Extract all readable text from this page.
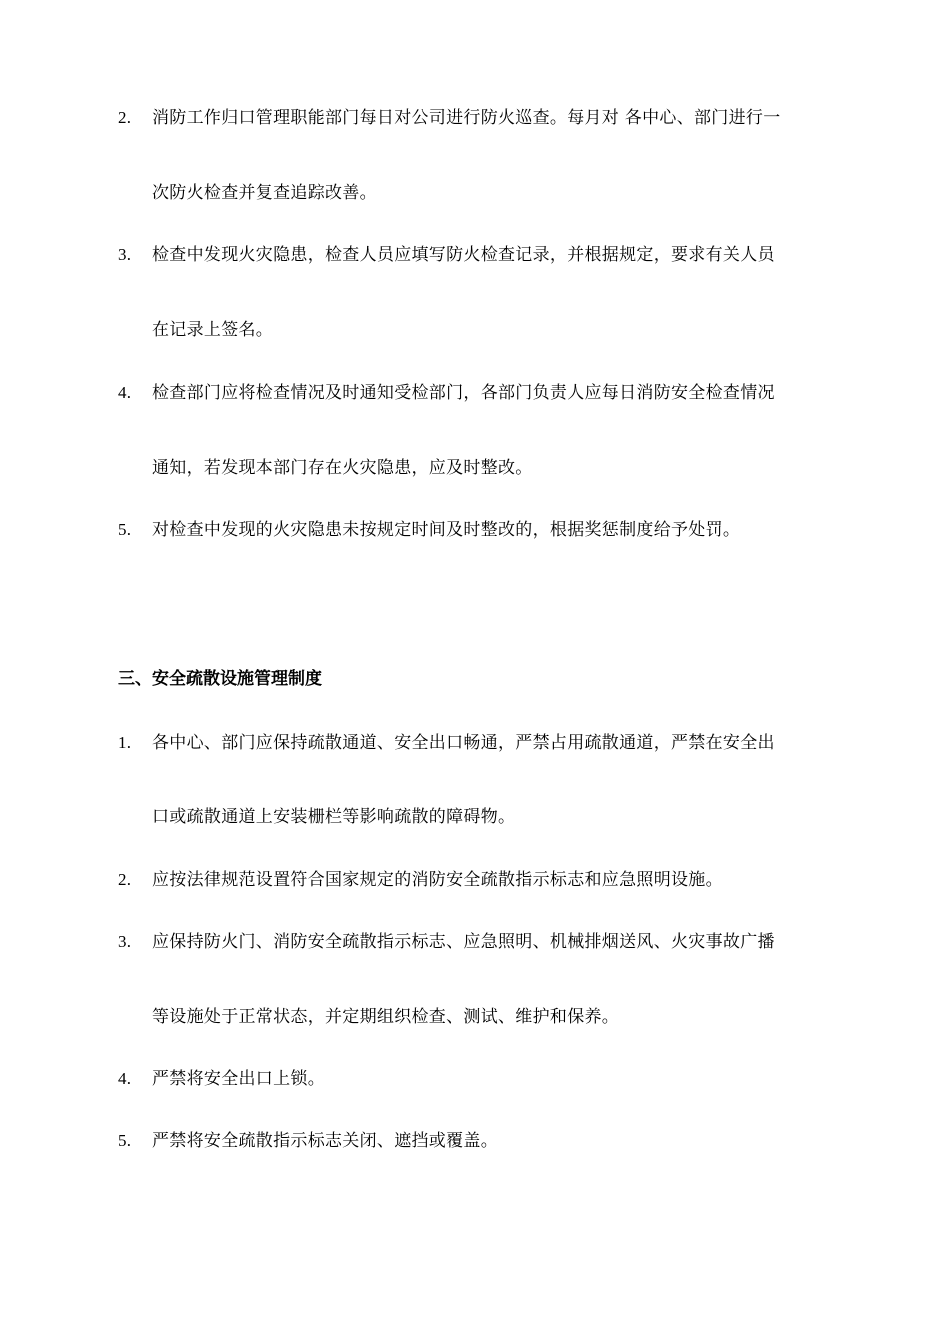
2. 消防工作归口管理职能部门每日对公司进行防火巡查。每月对 各中心、部门进行一
次防火检查并复查追踪改善。
3. 检查中发现火灾隐患，检查人员应填写防火检查记录，并根据规定，要求有关人员
在记录上签名。
4. 检查部门应将检查情况及时通知受检部门，各部门负责人应每日消防安全检查情况
通知，若发现本部门存在火灾隐患，应及时整改。
5. 对检查中发现的火灾隐患未按规定时间及时整改的，根据奖惩制度给予处罚。
三、安全疏散设施管理制度
1. 各中心、部门应保持疏散通道、安全出口畅通，严禁占用疏散通道，严禁在安全出
口或疏散通道上安装栅栏等影响疏散的障碍物。
2. 应按法律规范设置符合国家规定的消防安全疏散指示标志和应急照明设施。
3. 应保持防火门、消防安全疏散指示标志、应急照明、机械排烟送风、火灾事故广播
等设施处于正常状态，并定期组织检查、测试、维护和保养。
4. 严禁将安全出口上锁。
5. 严禁将安全疏散指示标志关闭、遮挡或覆盖。
